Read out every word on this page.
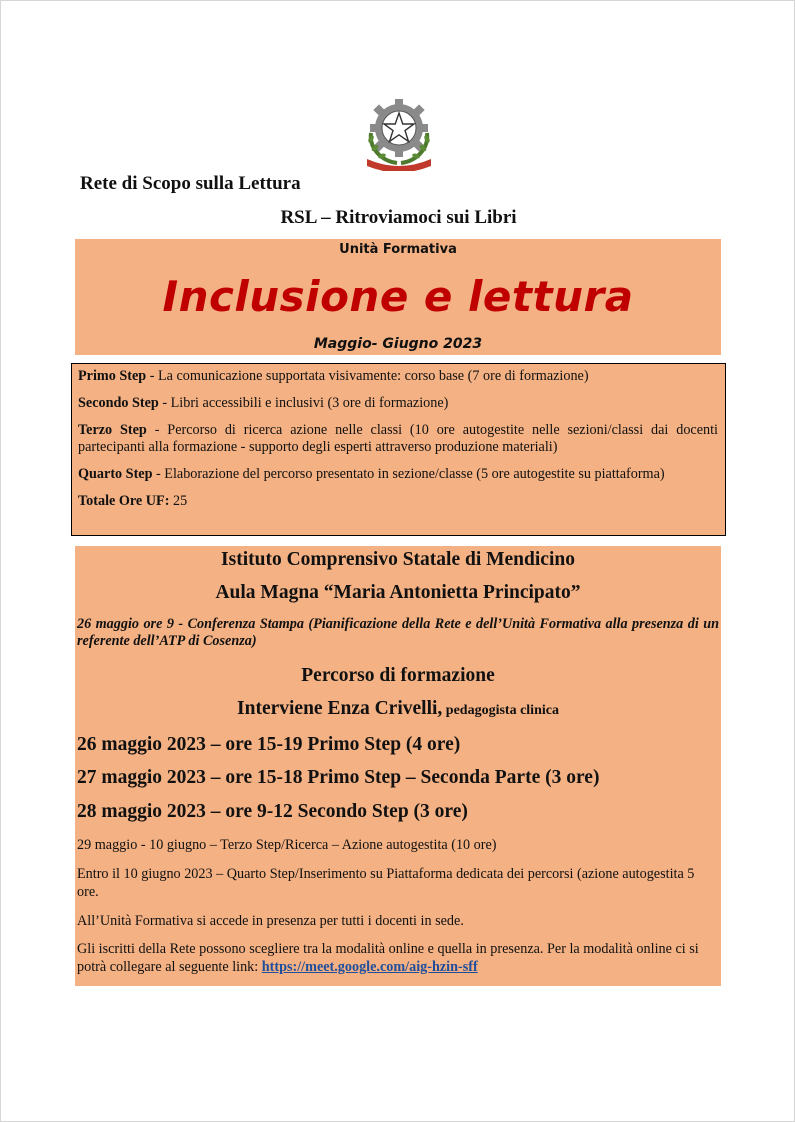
Rete di Scopo sulla Lettura
RSL – Ritroviamoci sui Libri
Unità Formativa
Inclusione e lettura
Maggio- Giugno 2023

Primo Step - La comunicazione supportata visivamente: corso base (7 ore di formazione)

Secondo Step - Libri accessibili e inclusivi (3 ore di formazione)

Terzo Step - Percorso di ricerca azione nelle classi (10 ore autogestite nelle sezioni/classi dai docenti partecipanti alla formazione - supporto degli esperti attraverso produzione materiali)

Quarto Step - Elaborazione del percorso presentato in sezione/classe (5 ore autogestite su piattaforma)

Totale Ore UF: 25

Istituto Comprensivo Statale di Mendicino
Aula Magna “Maria Antonietta Principato”
26 maggio ore 9 - Conferenza Stampa (Pianificazione della Rete e dell’Unità Formativa alla presenza di un referente dell’ATP di Cosenza)
Percorso di formazione
Interviene Enza Crivelli, pedagogista clinica
26 maggio 2023 – ore 15-19 Primo Step (4 ore)
27 maggio 2023 – ore 15-18 Primo Step – Seconda Parte (3 ore)
28 maggio 2023 – ore 9-12 Secondo Step (3 ore)

29 maggio - 10 giugno – Terzo Step/Ricerca – Azione autogestita (10 ore)

Entro il 10 giugno 2023 – Quarto Step/Inserimento su Piattaforma dedicata dei percorsi (azione autogestita 5 ore.

All’Unità Formativa si accede in presenza per tutti i docenti in sede.

Gli iscritti della Rete possono scegliere tra la modalità online e quella in presenza. Per la modalità online ci si potrà collegare al seguente link: https://meet.google.com/aig-hzin-sff
